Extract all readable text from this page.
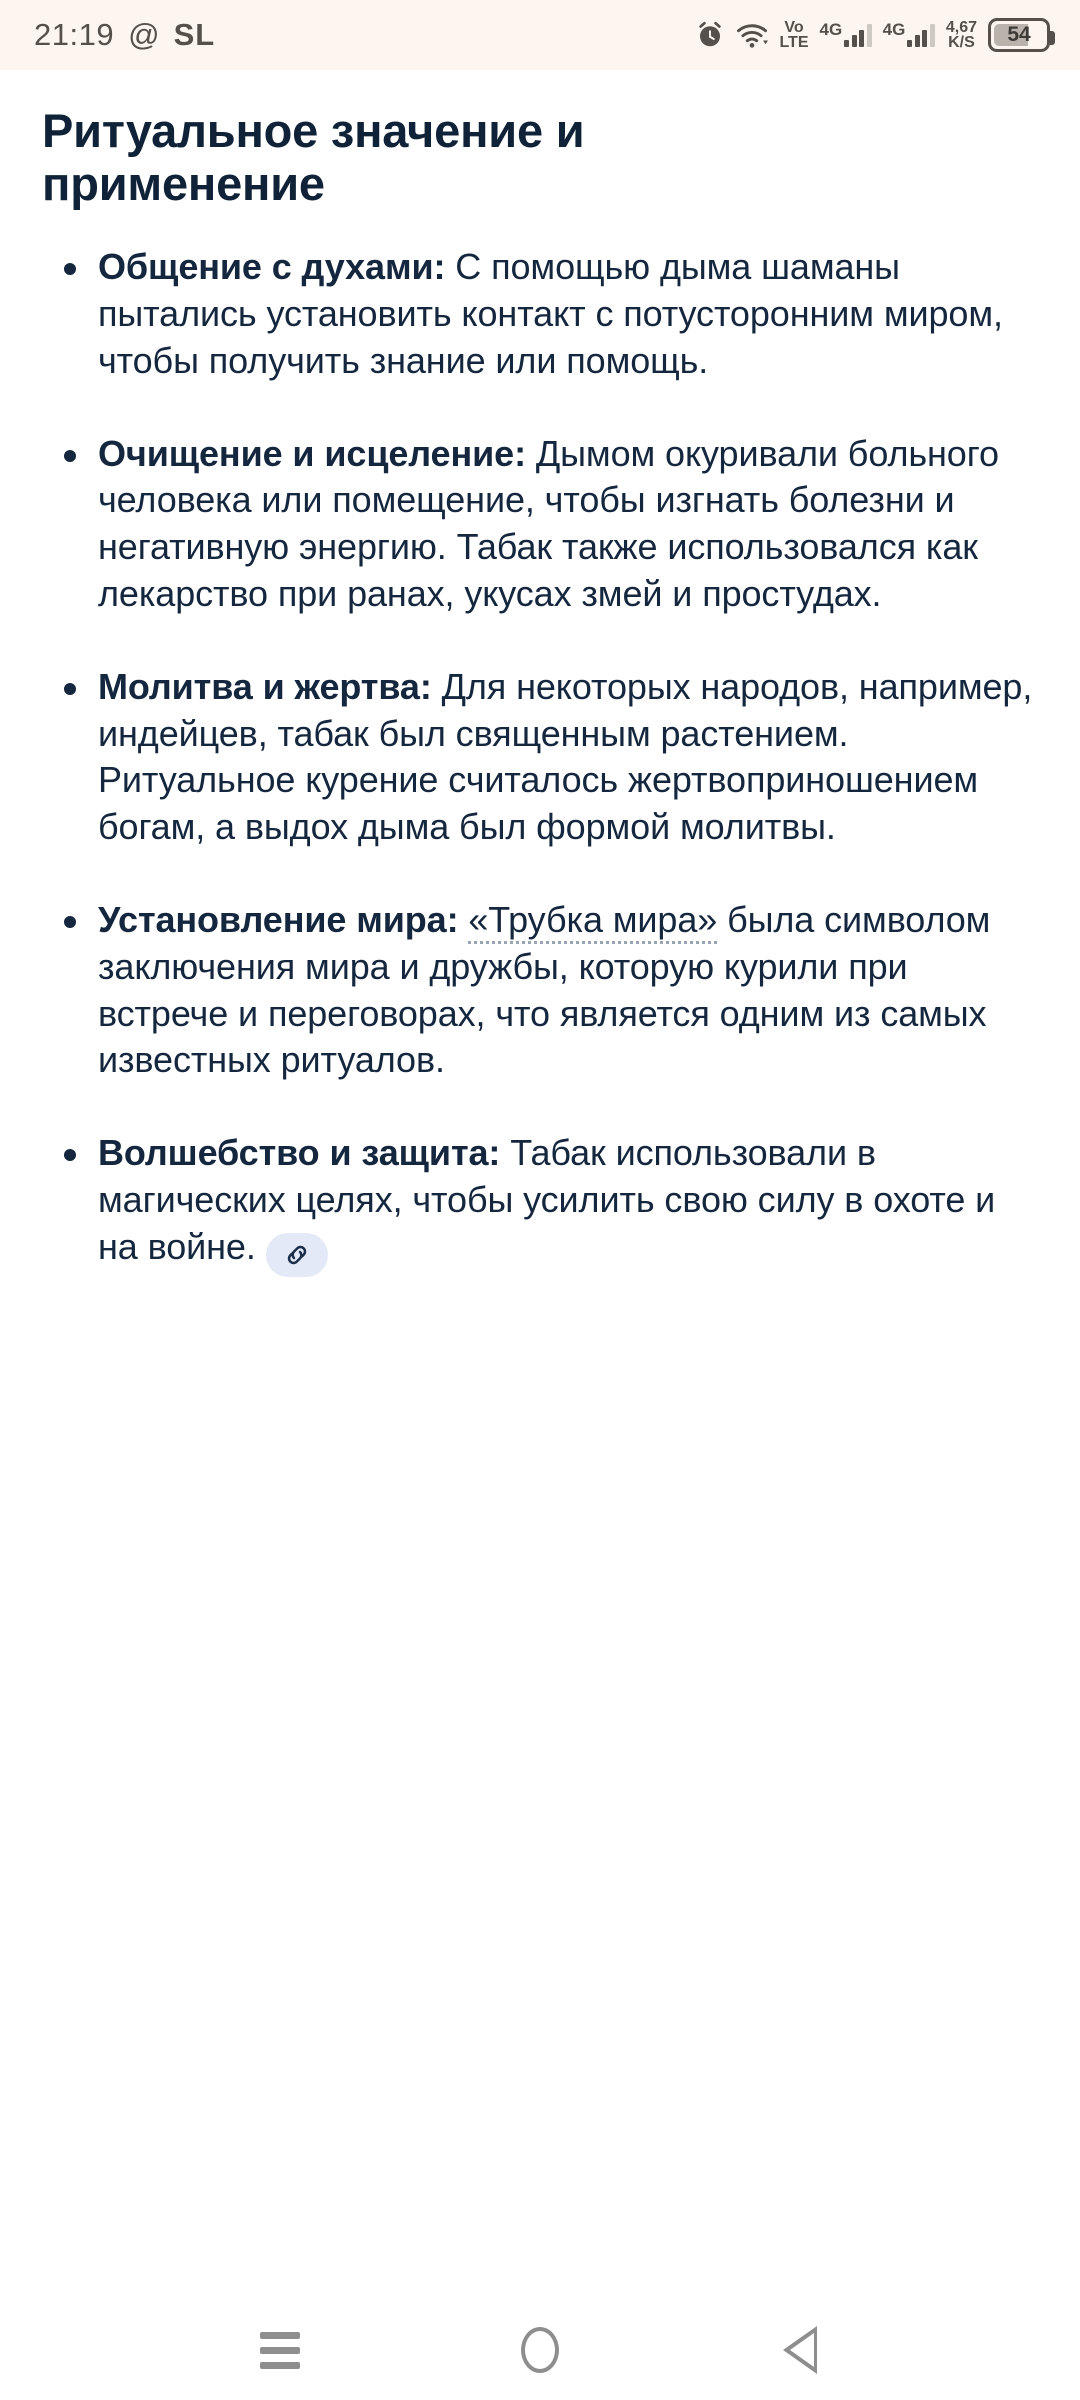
21:19 @ SL	Vo
LTE
4G 4G	4,67
K/S 54
Ритуальное значение и применение
Общение с духами: С помощью дыма шаманы пытались установить контакт с потусторонним миром, чтобы получить знание или помощь.
Очищение и исцеление: Дымом окуривали больного человека или помещение, чтобы изгнать болезни и негативную энергию. Табак также использовался как лекарство при ранах, укусах змей и простудах.
Молитва и жертва: Для некоторых народов, например, индейцев, табак был священным растением. Ритуальное курение считалось жертвоприношением богам, а выдох дыма был формой молитвы.
Установление мира: «Трубка мира» была символом заключения мира и дружбы, которую курили при встрече и переговорах, что является одним из самых известных ритуалов.
Волшебство и защита: Табак использовали в магических целях, чтобы усилить свою силу в охоте и на войне.
